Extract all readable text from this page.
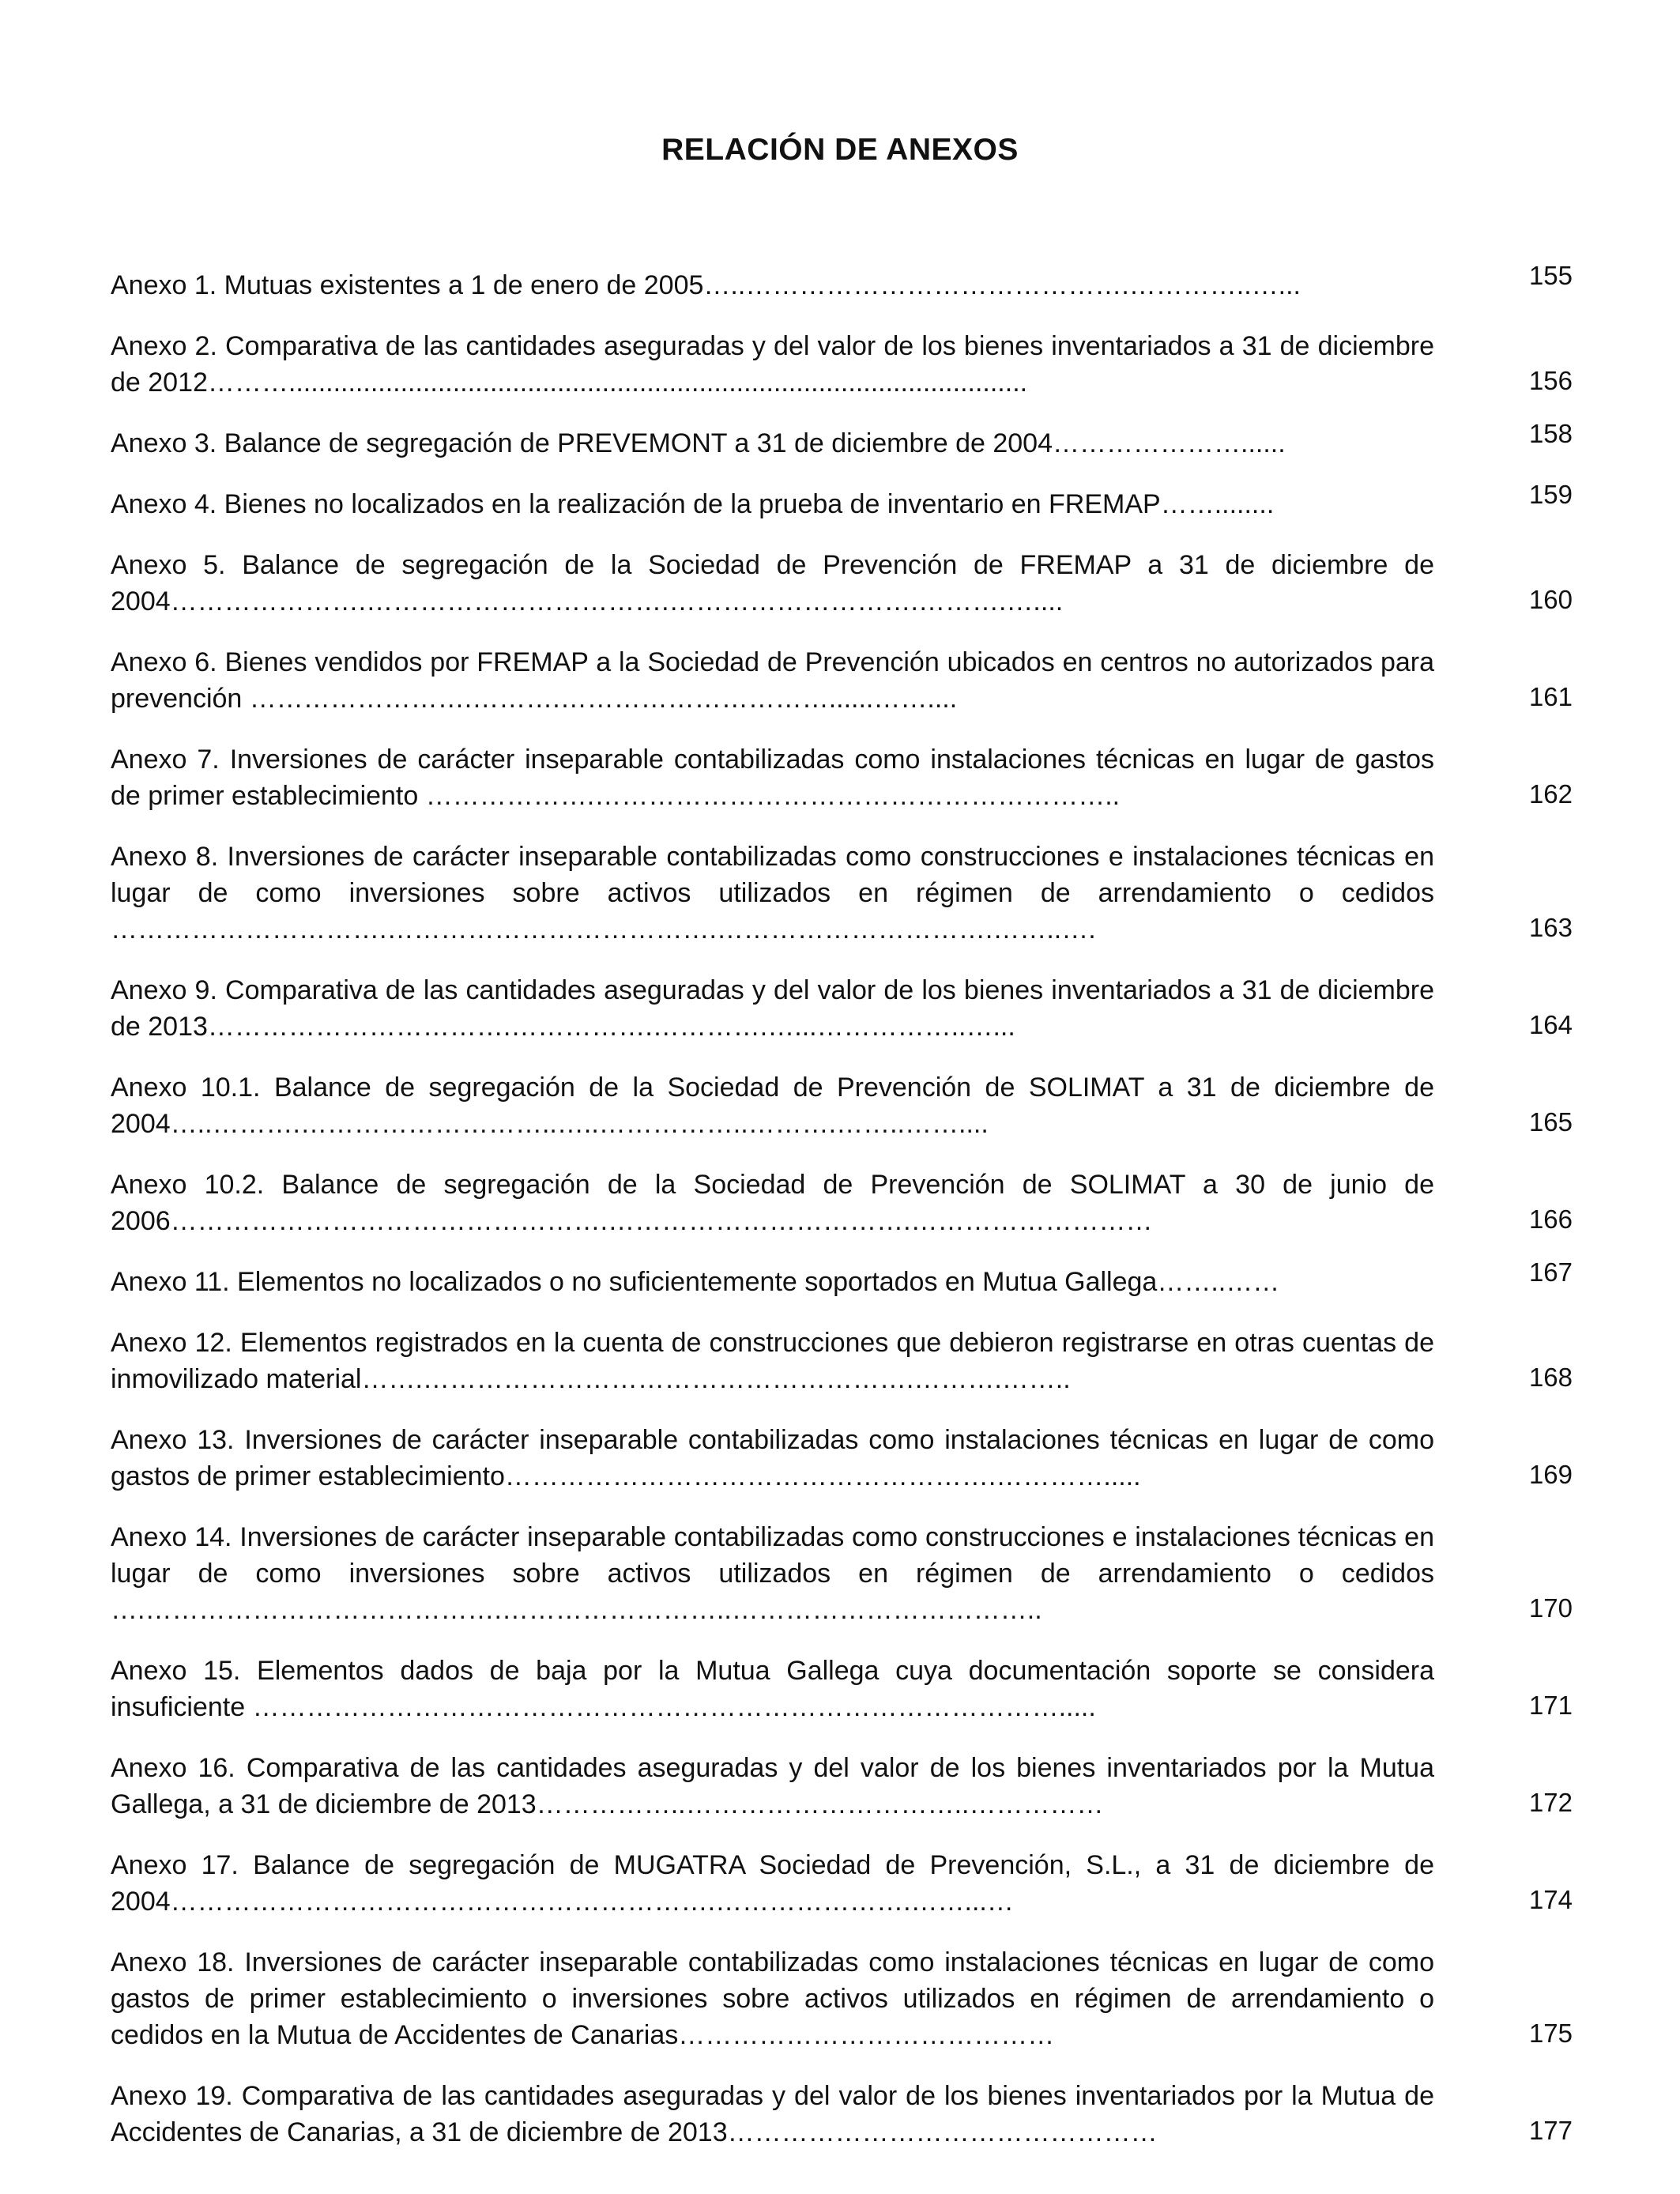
RELACIÓN DE ANEXOS
Anexo 1. Mutuas existentes a 1 de enero de 2005…..…………………………………….…………..…...	155
Anexo 2. Comparativa de las cantidades aseguradas y del valor de los bienes inventariados a 31 de diciembre de 2012………...................................................................................................	156
Anexo 3. Balance de segregación de PREVEMONT a 31 de diciembre de 2004…………………......	158
Anexo 4. Bienes no localizados en la realización de la prueba de inventario en FREMAP……........	159
Anexo 5. Balance de segregación de la Sociedad de Prevención de FREMAP a 31 de diciembre de 2004………………….…………………………….……………………….……….…....	160
Anexo 6. Bienes vendidos por FREMAP a la Sociedad de Prevención ubicados en centros no autorizados para prevención …………………….……….…………………………......……....	161
Anexo 7. Inversiones de carácter inseparable contabilizadas como instalaciones técnicas en lugar de gastos de primer establecimiento ……………….…………………………………………………..	162
Anexo 8. Inversiones de carácter inseparable contabilizadas como construcciones e instalaciones técnicas en lugar de como inversiones sobre activos utilizados en régimen de arrendamiento o cedidos ………………………….……………………………….………………………….……..….	163
Anexo 9. Comparativa de las cantidades aseguradas y del valor de los bienes inventariados a 31 de diciembre de 2013…………………………….…………….………….…...……………..…...	164
Anexo 10.1. Balance de segregación de la Sociedad de Prevención de SOLIMAT a 31 de diciembre de 2004…..……….………………………..…..……………..……….……..……....	165
Anexo 10.2. Balance de segregación de la Sociedad de Prevención de SOLIMAT a 30 de junio de 2006………………………………………….…………………………….………………………	166
Anexo 11. Elementos no localizados o no suficientemente soportados en Mutua Gallega……..……	167
Anexo 12. Elementos registrados en la cuenta de construcciones que debieron registrarse en otras cuentas de inmovilizado material…….……………………………………………….……….……..	168
Anexo 13. Inversiones de carácter inseparable contabilizadas como instalaciones técnicas en lugar de como gastos de primer establecimiento……………………………………………….………….....	169
Anexo 14. Inversiones de carácter inseparable contabilizadas como construcciones e instalaciones técnicas en lugar de como inversiones sobre activos utilizados en régimen de arrendamiento o cedidos ….………………………………….……………………..……………………………..	170
Anexo 15. Elementos dados de baja por la Mutua Gallega cuya documentación soporte se considera insuficiente ……………………………………………………………………………….....	171
Anexo 16. Comparativa de las cantidades aseguradas y del valor de los bienes inventariados por la Mutua Gallega, a 31 de diciembre de 2013……………..…………………………..……………	172
Anexo 17. Balance de segregación de MUGATRA Sociedad de Prevención, S.L., a 31 de diciembre de 2004…………………………………………………….………………….……...…	174
Anexo 18. Inversiones de carácter inseparable contabilizadas como instalaciones técnicas en lugar de como gastos de primer establecimiento o inversiones sobre activos utilizados en régimen de arrendamiento o cedidos en la Mutua de Accidentes de Canarias……………………………………	175
Anexo 19. Comparativa de las cantidades aseguradas y del valor de los bienes inventariados por la Mutua de Accidentes de Canarias, a 31 de diciembre de 2013…………………………………………	177
